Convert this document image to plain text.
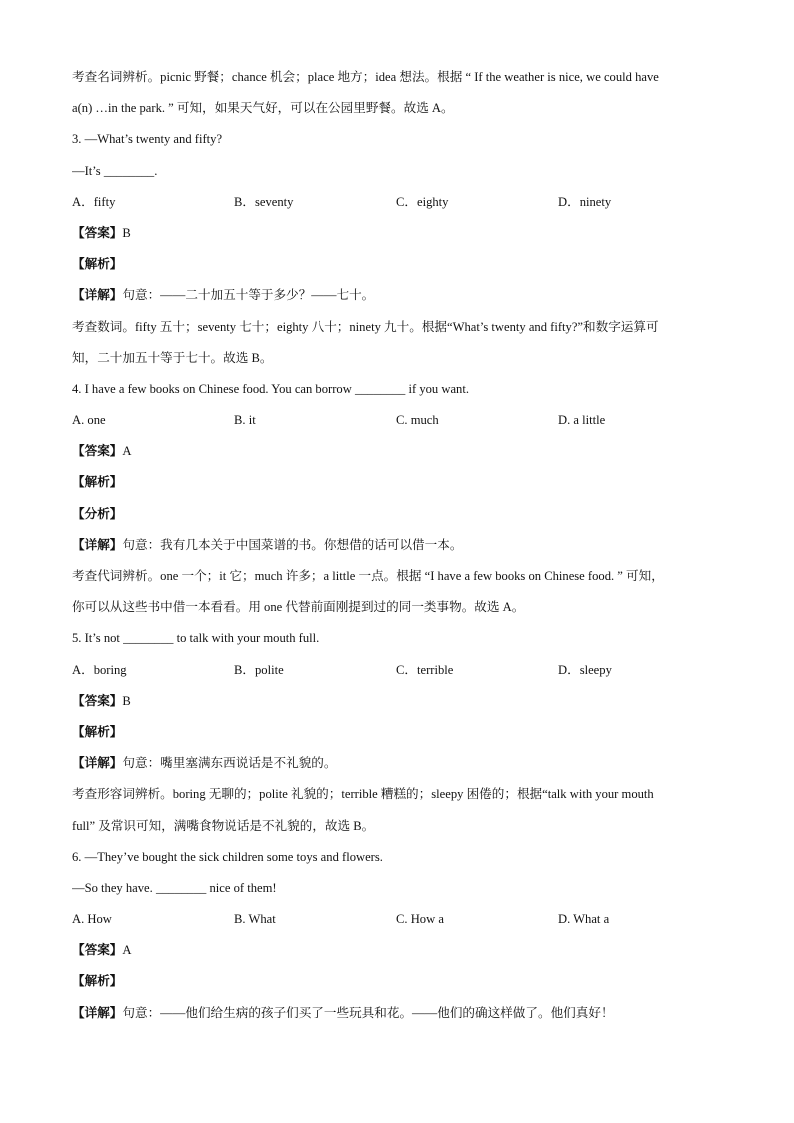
考查名词辨析。picnic 野餐；chance 机会；place 地方；idea 想法。根据 “ If the weather is nice, we could have
a(n) …in the park. ” 可知，如果天气好，可以在公园里野餐。故选 A。
3. —What’s twenty and fifty?
—It’s ________.
A．fifty	B．seventy	C．eighty	D．ninety
【答案】B
【解析】
【详解】句意：——二十加五十等于多少？——七十。
考查数词。fifty 五十；seventy 七十；eighty 八十；ninety 九十。根据“What’s twenty and fifty?”和数字运算可
知，二十加五十等于七十。故选 B。
4. I have a few books on Chinese food. You can borrow ________ if you want.
A. one	B. it	C. much	D. a little
【答案】A
【解析】
【分析】
【详解】句意：我有几本关于中国菜谱的书。你想借的话可以借一本。
考查代词辨析。one 一个；it 它；much 许多；a little 一点。根据 “I have a few books on Chinese food. ” 可知，
你可以从这些书中借一本看看。用 one 代替前面刚提到过的同一类事物。故选 A。
5. It’s not ________ to talk with your mouth full.
A．boring	B．polite	C．terrible	D．sleepy
【答案】B
【解析】
【详解】句意：嘴里塞满东西说话是不礼貌的。
考查形容词辨析。boring 无聊的；polite 礼貌的；terrible 糟糕的；sleepy 困倦的；根据“talk with your mouth
full” 及常识可知，满嘴食物说话是不礼貌的，故选 B。
6. —They’ve bought the sick children some toys and flowers.
—So they have. ________ nice of them!
A. How	B. What	C. How a	D. What a
【答案】A
【解析】
【详解】句意：——他们给生病的孩子们买了一些玩具和花。——他们的确这样做了。他们真好！
